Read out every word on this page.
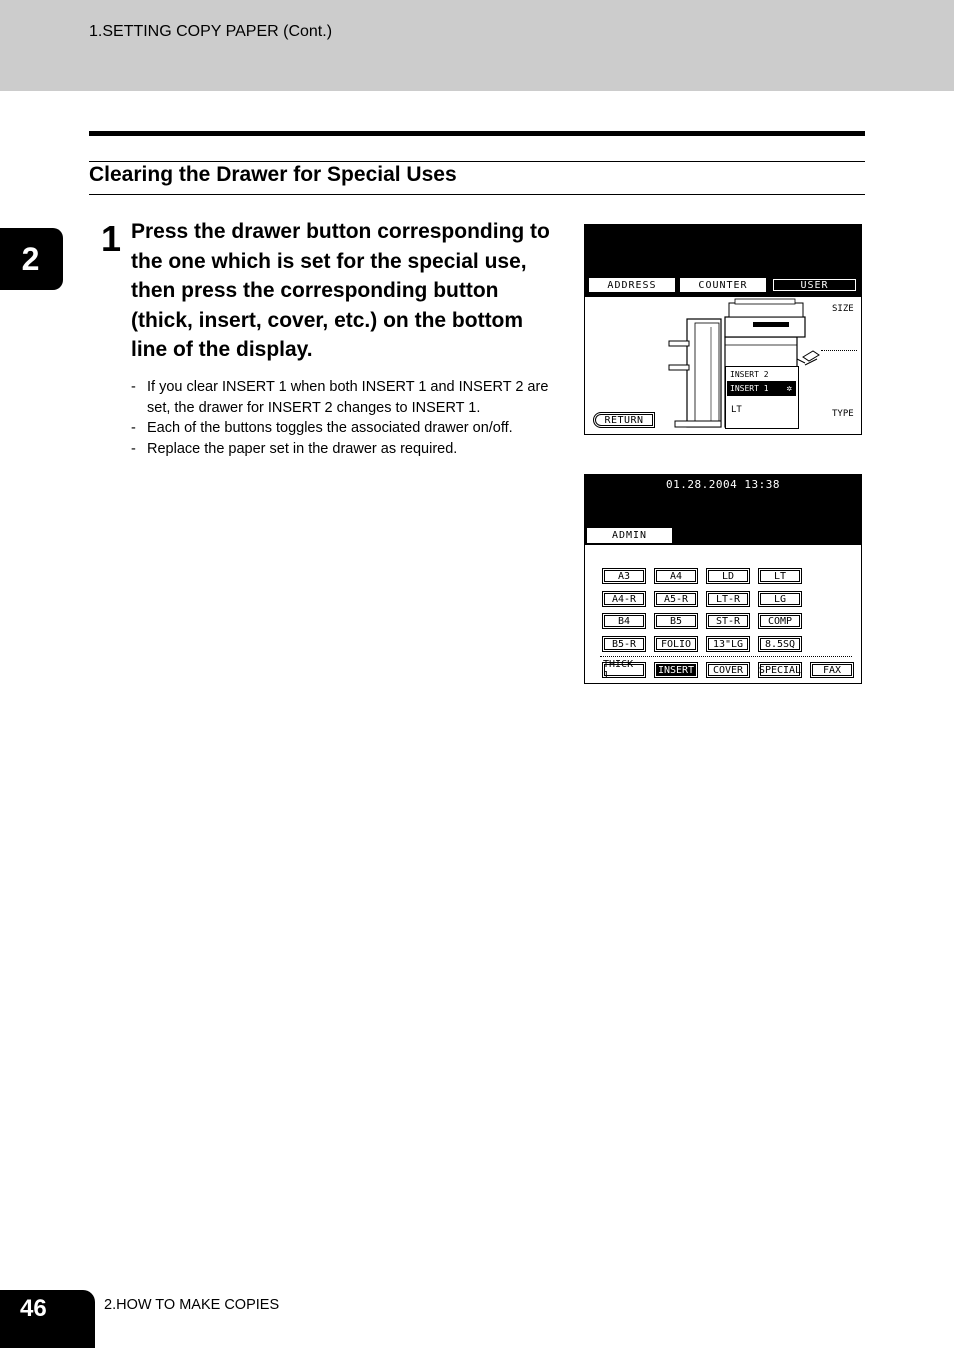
1.SETTING COPY PAPER (Cont.)
Clearing the Drawer for Special Uses
2	1 Press the drawer button corresponding to
the one which is set for the special use,
then press the corresponding button
(thick, insert, cover, etc.) on the bottom
line of the display.
- If you clear INSERT 1 when both INSERT 1 and INSERT 2 are set, the drawer for INSERT 2 changes to INSERT 1.
- Each of the buttons toggles the associated drawer on/off.
- Replace the paper set in the drawer as required.
ADDRESS	COUNTER	USER
SIZE
TYPE
INSERT 2
INSERT 1 ✲
LT
RETURN
01.28.2004 13:38
ADMIN
THICK 1	INSERT	COVER	SPECIAL	FAX
A3	A4	LD	LT
A4-R	A5-R	LT-R	LG
B4	B5	ST-R	COMP
B5-R	FOLIO	13"LG	8.5SQ
46	2.HOW TO MAKE COPIES
